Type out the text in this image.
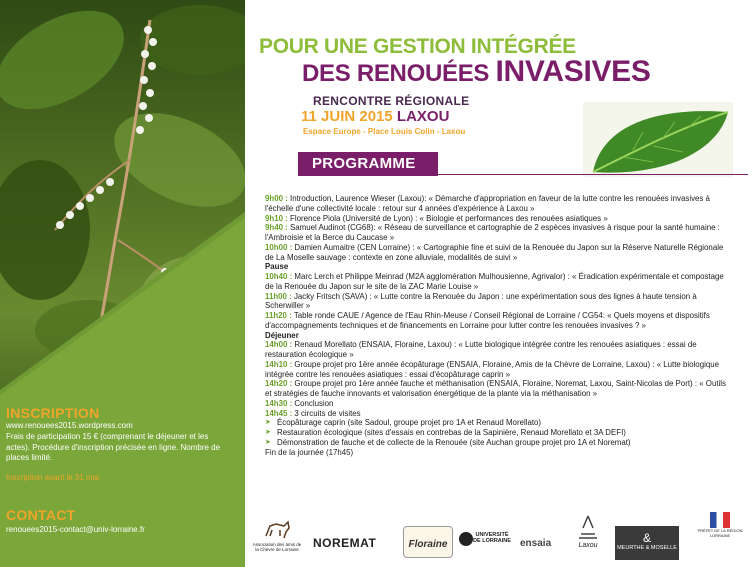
INSCRIPTION
www.renouees2015.wordpress.com
Frais de participation 15 € (comprenant le déjeuner et les actes). Procédure d'inscription précisée en ligne. Nombre de places limité.
Inscription avant le 31 mai.
CONTACT
renouees2015-contact@univ-lorraine.fr
POUR UNE GESTION INTÉGRÉE
DES RENOUÉES INVASIVES
RENCONTRE RÉGIONALE
11 JUIN 2015 LAXOU
Espace Europe - Place Louis Colin - Laxou
PROGRAMME

9h00 : Introduction, Laurence Wieser (Laxou): « Démarche d'appropriation en faveur de la lutte contre les renouées invasives à l'échelle d'une collectivité locale : retour sur 4 années d'expérience à Laxou »

9h10 : Florence Piola (Université de Lyon) : « Biologie et performances des renouées asiatiques »

9h40 : Samuel Audinot (CG68): « Réseau de surveillance et cartographie de 2 espèces invasives à risque pour la santé humaine : l'Ambroisie et la Berce du Caucase »

10h00 : Damien Aumaitre (CEN Lorraine) : « Cartographie fine et suivi de la Renouée du Japon sur la Réserve Naturelle Régionale de La Moselle sauvage : contexte en zone alluviale, modalités de suivi »

Pause

10h40 : Marc Lerch et Philippe Meinrad (M2A agglomération Mulhousienne, Agrivalor) : « Éradication expérimentale et compostage de la Renouée du Japon sur le site de la ZAC Marie Louise »

11h00 : Jacky Fritsch (SAVA) : « Lutte contre la Renouée du Japon : une expérimentation sous des lignes à haute tension à Scherwiller »

11h20 : Table ronde CAUE / Agence de l'Eau Rhin-Meuse / Conseil Régional de Lorraine / CG54: « Quels moyens et dispositifs d'accompagnements techniques et de financements en Lorraine pour lutter contre les renouées invasives ? »

Déjeuner

14h00 : Renaud Morellato (ENSAIA, Floraine, Laxou) : « Lutte biologique intégrée contre les renouées asiatiques : essai de restauration écologique »

14h10 : Groupe projet pro 1ère année écopâturage (ENSAIA, Floraine, Amis de la Chèvre de Lorraine, Laxou) : « Lutte biologique intégrée contre les renouées asiatiques : essai d'écopâturage caprin »

14h20 : Groupe projet pro 1ère année fauche et méthanisation (ENSAIA, Floraine, Noremat, Laxou, Saint-Nicolas de Port) : « Outils et stratégies de fauche innovants et valorisation énergétique de la plante via la méthanisation »

14h30 : Conclusion

14h45 : 3 circuits de visites

➤ Écopâturage caprin (site Sadoul, groupe projet pro 1A et Renaud Morellato)
➤ Restauration écologique (sites d'essais en contrebas de la Sapinière, Renaud Morellato et 3A DEFI)
➤ Démonstration de fauche et de collecte de la Renouée (site Auchan groupe projet pro 1A et Noremat)

Fin de la journée (17h45)

Association des amis de la Chèvre de Lorraine	NOREMAT	Floraine
UNIVERSITÉ DE LORRAINE ensaia	Laxou
&
MEURTHE & MOSELLE
PRÉFET DE LA RÉGION LORRAINE
